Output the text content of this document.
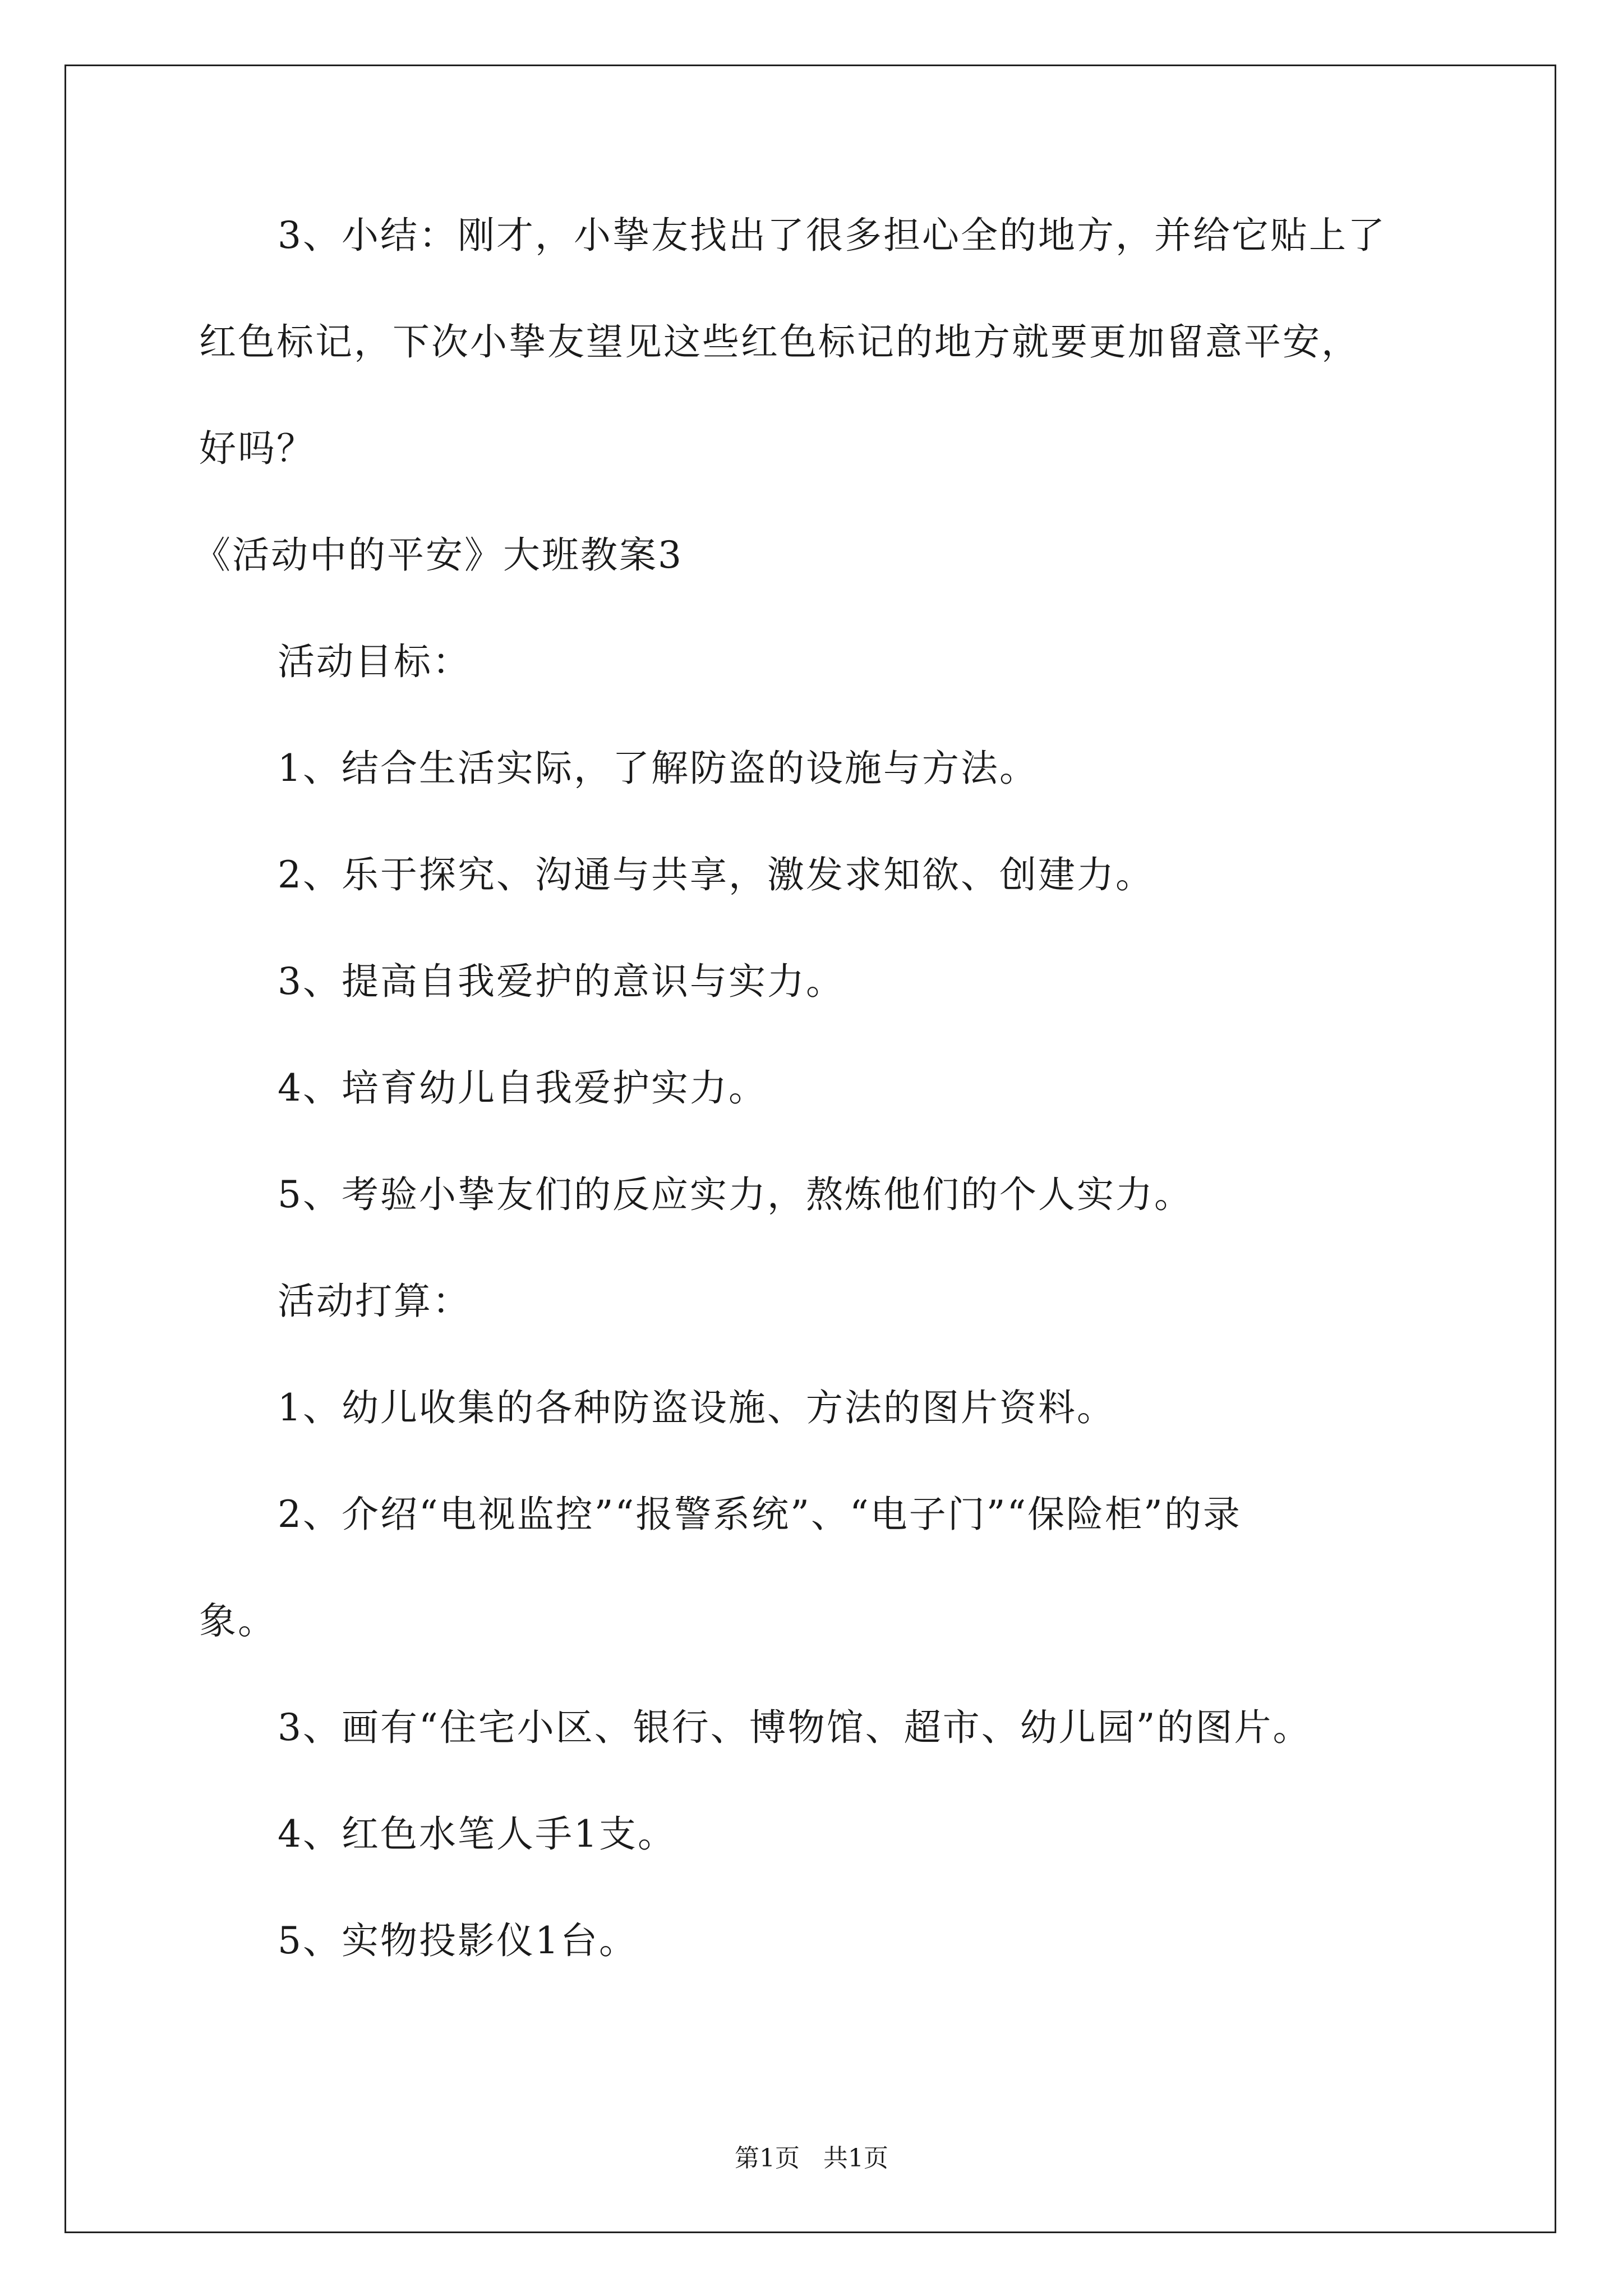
3、小结：刚才，小挚友找出了很多担心全的地方，并给它贴上了
红色标记，下次小挚友望见这些红色标记的地方就要更加留意平安，
好吗？
《活动中的平安》大班教案3
活动目标：
1、结合生活实际，了解防盗的设施与方法。
2、乐于探究、沟通与共享，激发求知欲、创建力。
3、提高自我爱护的意识与实力。
4、培育幼儿自我爱护实力。
5、考验小挚友们的反应实力，熬炼他们的个人实力。
活动打算：
1、幼儿收集的各种防盗设施、方法的图片资料。
2、介绍“电视监控”“报警系统”、“电子门”“保险柜”的录
象。
3、画有“住宅小区、银行、博物馆、超市、幼儿园”的图片。
4、红色水笔人手1支。
5、实物投影仪1台。
第1页   共1页
